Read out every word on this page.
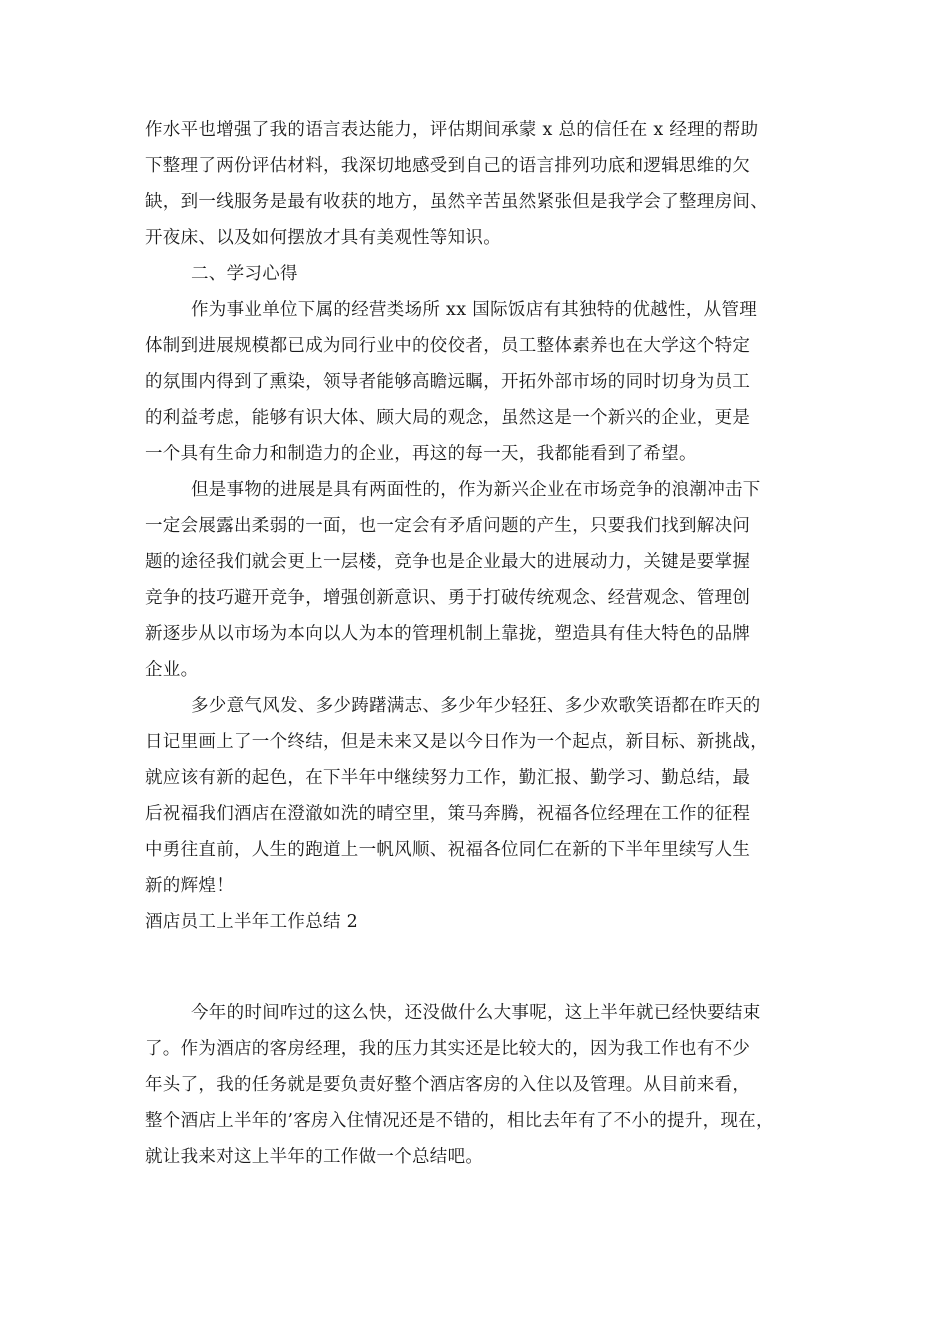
作水平也增强了我的语言表达能力，评估期间承蒙 x 总的信任在 x 经理的帮助
下整理了两份评估材料，我深切地感受到自己的语言排列功底和逻辑思维的欠
缺，到一线服务是最有收获的地方，虽然辛苦虽然紧张但是我学会了整理房间、
开夜床、以及如何摆放才具有美观性等知识。
二、学习心得
作为事业单位下属的经营类场所 xx 国际饭店有其独特的优越性，从管理
体制到进展规模都已成为同行业中的佼佼者，员工整体素养也在大学这个特定
的氛围内得到了熏染，领导者能够高瞻远瞩，开拓外部市场的同时切身为员工
的利益考虑，能够有识大体、顾大局的观念，虽然这是一个新兴的企业，更是
一个具有生命力和制造力的企业，再这的每一天，我都能看到了希望。
但是事物的进展是具有两面性的，作为新兴企业在市场竞争的浪潮冲击下
一定会展露出柔弱的一面，也一定会有矛盾问题的产生，只要我们找到解决问
题的途径我们就会更上一层楼，竞争也是企业最大的进展动力，关键是要掌握
竞争的技巧避开竞争，增强创新意识、勇于打破传统观念、经营观念、管理创
新逐步从以市场为本向以人为本的管理机制上靠拢，塑造具有佳大特色的品牌
企业。
多少意气风发、多少踌躇满志、多少年少轻狂、多少欢歌笑语都在昨天的
日记里画上了一个终结，但是未来又是以今日作为一个起点，新目标、新挑战，
就应该有新的起色，在下半年中继续努力工作，勤汇报、勤学习、勤总结，最
后祝福我们酒店在澄澈如洗的晴空里，策马奔腾，祝福各位经理在工作的征程
中勇往直前，人生的跑道上一帆风顺、祝福各位同仁在新的下半年里续写人生
新的辉煌！
酒店员工上半年工作总结 2
今年的时间咋过的这么快，还没做什么大事呢，这上半年就已经快要结束
了。作为酒店的客房经理，我的压力其实还是比较大的，因为我工作也有不少
年头了，我的任务就是要负责好整个酒店客房的入住以及管理。从目前来看，
整个酒店上半年的’客房入住情况还是不错的，相比去年有了不小的提升，现在，
就让我来对这上半年的工作做一个总结吧。
